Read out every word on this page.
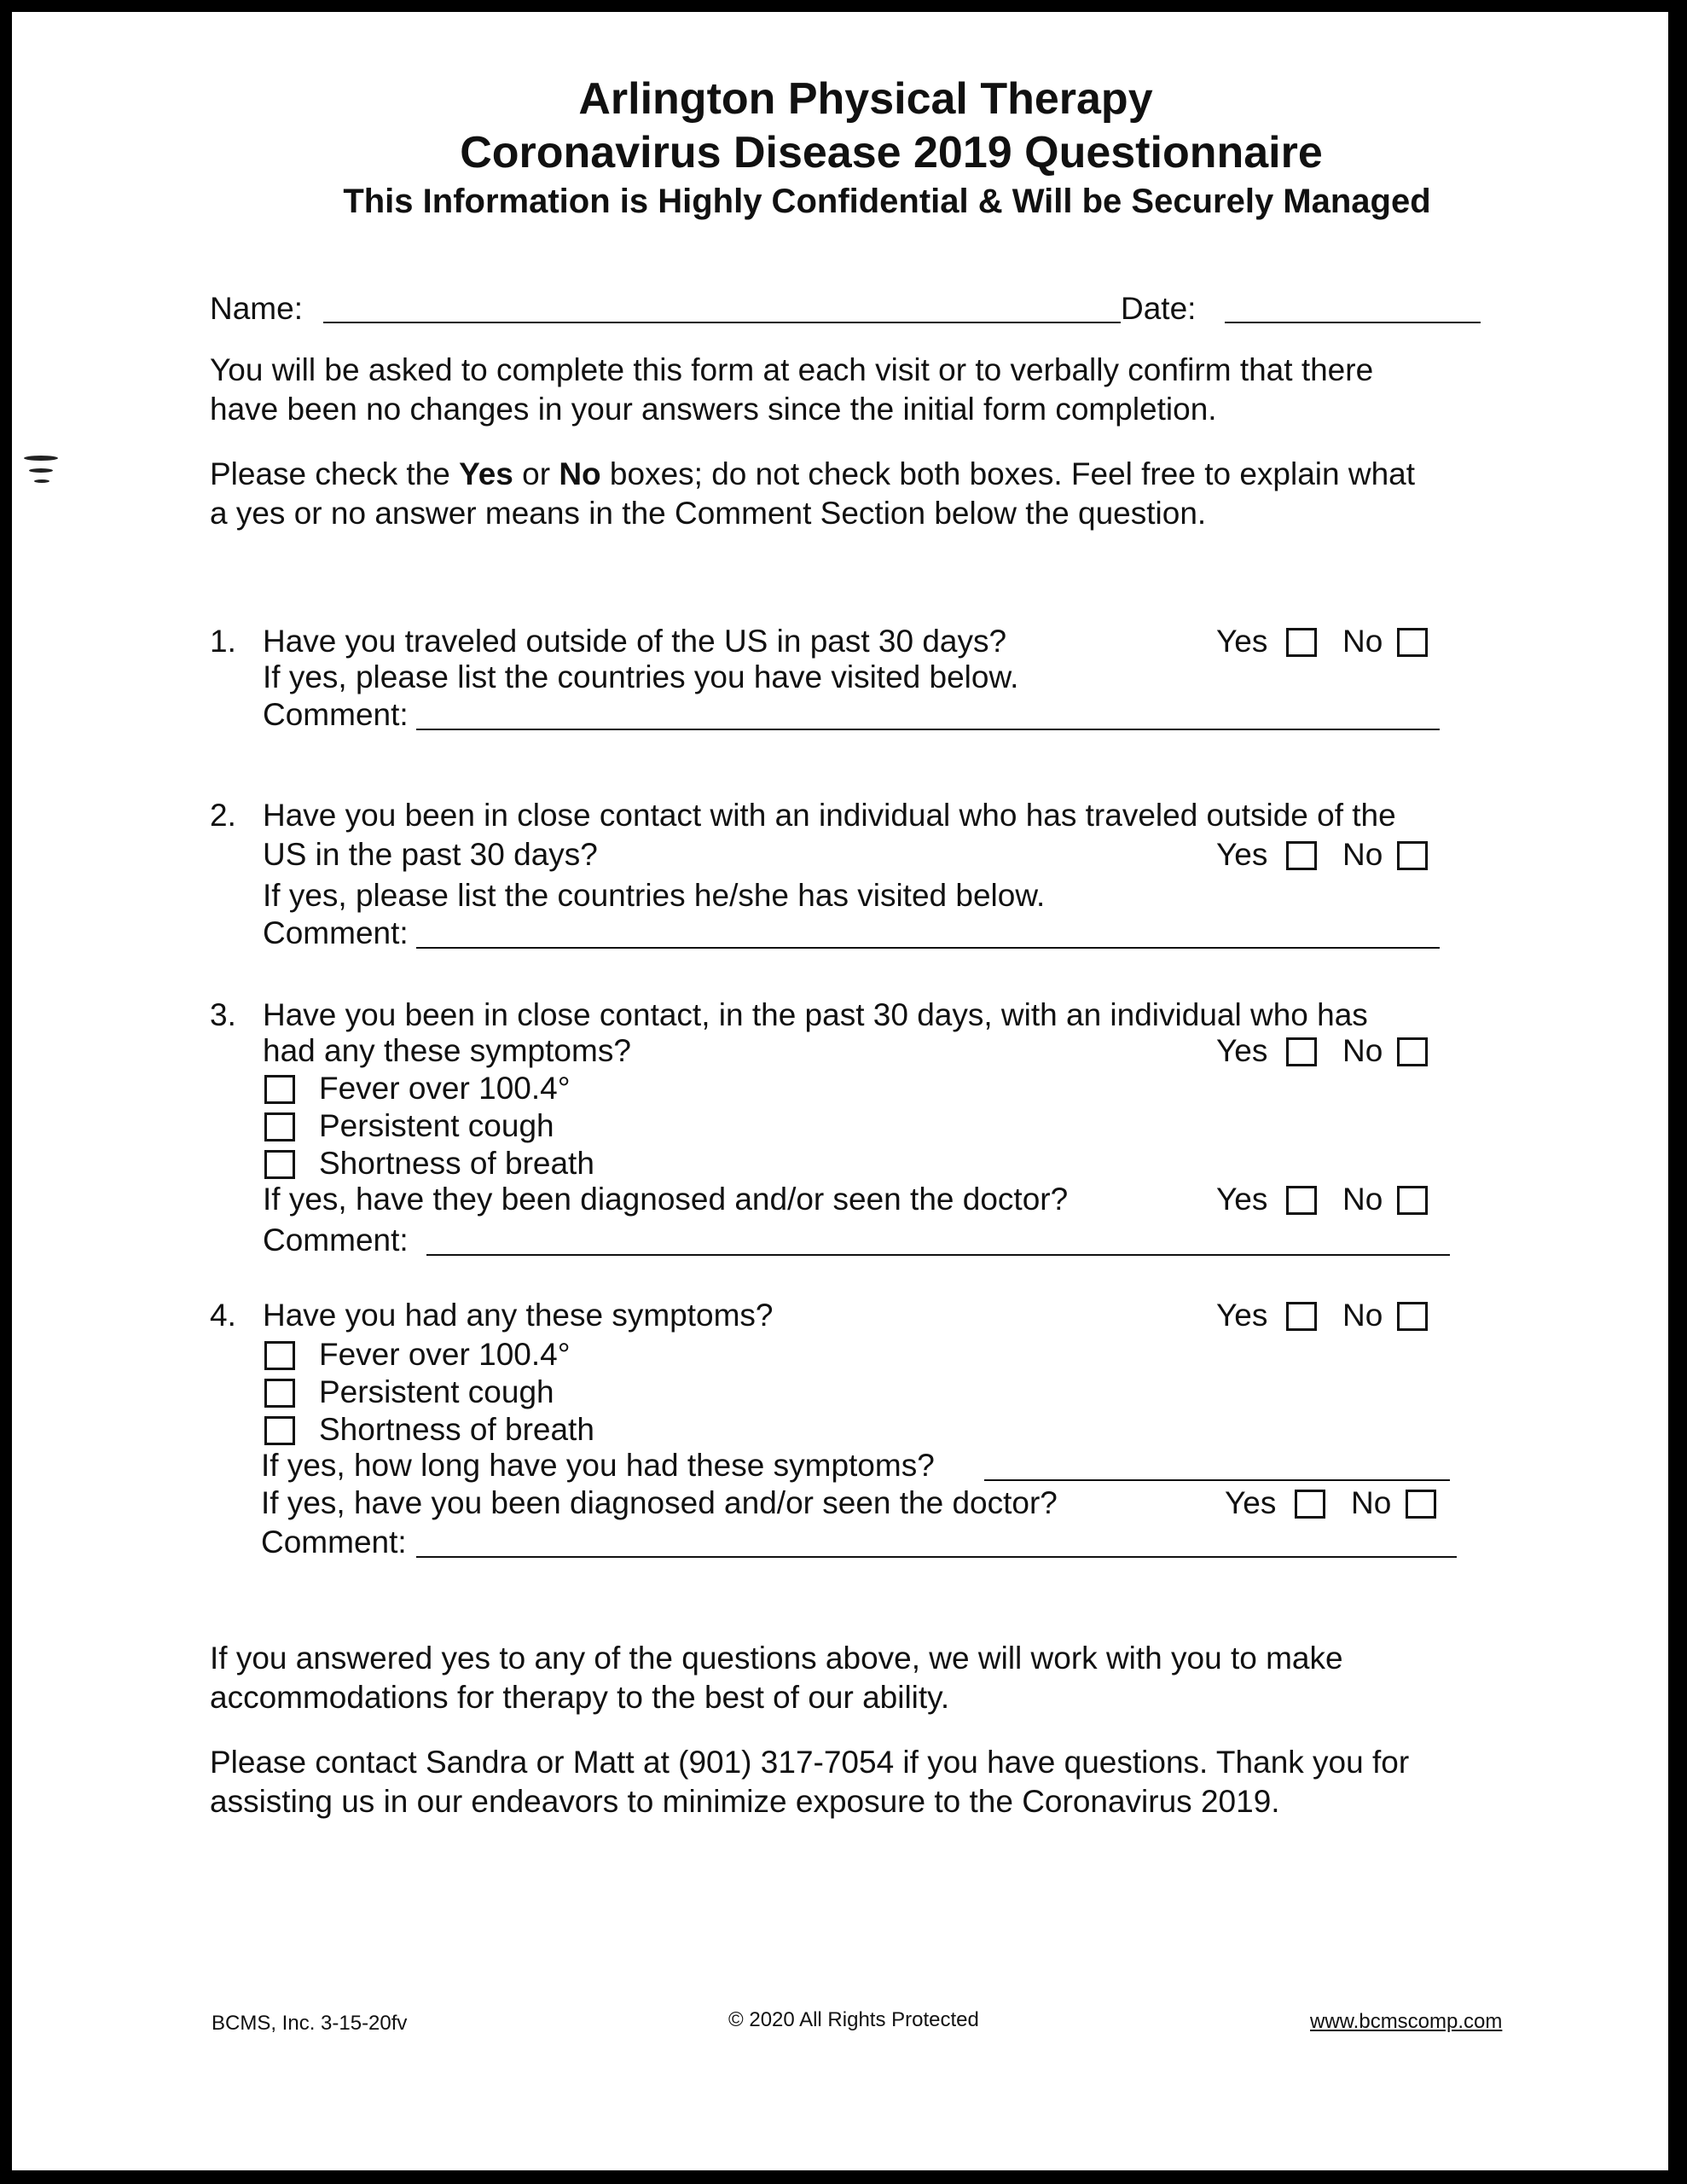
Arlington Physical Therapy
Coronavirus Disease 2019 Questionnaire
This Information is Highly Confidential & Will be Securely Managed
Name:	Date:
You will be asked to complete this form at each visit or to verbally confirm that there
have been no changes in your answers since the initial form completion.
Please check the Yes or No boxes; do not check both boxes. Feel free to explain what
a yes or no answer means in the Comment Section below the question.
1. Have you traveled outside of the US in past 30 days?	Yes No
If yes, please list the countries you have visited below.
Comment:
2. Have you been in close contact with an individual who has traveled outside of the
US in the past 30 days?	Yes No
If yes, please list the countries he/she has visited below.
Comment:
3. Have you been in close contact, in the past 30 days, with an individual who has
had any these symptoms?	Yes No
Fever over 100.4°
Persistent cough
Shortness of breath
If yes, have they been diagnosed and/or seen the doctor?	Yes No
Comment:
4. Have you had any these symptoms?	Yes No
Fever over 100.4°
Persistent cough
Shortness of breath
If yes, how long have you had these symptoms?
If yes, have you been diagnosed and/or seen the doctor?	Yes No
Comment:
If you answered yes to any of the questions above, we will work with you to make
accommodations for therapy to the best of our ability.
Please contact Sandra or Matt at (901) 317-7054 if you have questions. Thank you for
assisting us in our endeavors to minimize exposure to the Coronavirus 2019.
BCMS, Inc. 3-15-20fv	© 2020 All Rights Protected	www.bcmscomp.com
